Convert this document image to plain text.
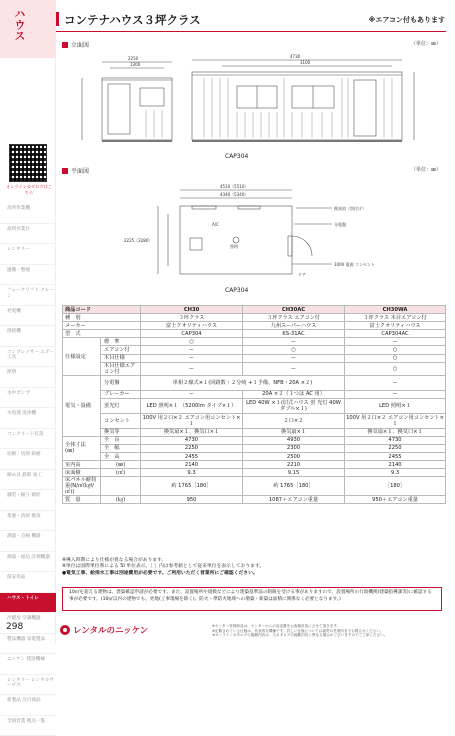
ハウス
オンラインカタログはこちら
高所作業機
高所作業台
レンタリー
運搬・整地
フォークリフト クレーン
発電機
溶接機
コンプレッサー エアー工具
照明
水中ポンプ
水処理 洗浄機
コンクリート打設
切断・切削 研磨
締め具 鉄筋 加工
舗装・掘り 破砕
集塵・清掃 換気
測量・点検 機器
測量・通信 計測機器
保安用品
ハウス・トイレ
冷暖房 空調機器
製品機器 家電製品
ニッケン 建設機械
レンタリー レンタルサービス
新製品 注目商品
全国営業 拠点一覧
298
コンテナハウス３坪クラス	※エアコン付もあります
立面図	（単位：㎜）
2250
1300
4730
3100
CAP304
平面図	（単位：㎜）
4510（5510）
4340（5340）
2225（3280）
換気扇（別付け）
分電盤
100V 電源 コンセント
A/C
照明
ドア
CAP304
商品コード		CH30	CH30AC	CH30WA
種　別		３坪クラス	３坪クラス エアコン付	３坪クラス 木目エアコン付
メーカー		富士クオリティハウス	九州スーパーハウス	富士クオリティハウス
型　式		CAP304	KS-31AC	CAP304AC
仕様設定	標　準	○	ー	ー
	エアコン付	ー	○	○
	木目仕様	ー	ー	○
	木目仕様エアコン付	ー	ー	○
電気・設備	分電盤	単相２線式×１(回路数・２分岐 +１予備、NFB・20A ×２)		ー
	ブレーカー	ー	20A ×２（１つは AC 用）	ー
	蛍光灯	LED 照明×１ （5200lm タイプ×１）	LED 40W ×１(旧式ハウス 蛍 光灯 40W ダブル×１)	LED 照明×１
	コンセント	100V 用２口×２ エアコン用コンセント×１	２口×２	100V 用２口×２ エアコン用コンセント×１
	換気等	換気扇×１、換気口×１	換気扇×１	換気扇×１、換気口×１
全体寸法
(㎜)	全　長	4730	4930	4730
	全　幅	2250	2300	2250
	全　高	2455	2500	2455
室内高	(㎜)	2140	2210	2140
床面積	(㎡)	9.3	9.15	9.3
床パネル耐荷重(N/㎡(㎏f/㎡))		約 1765［180］	約 1765［180］	［180］
質　量	(㎏)	950	1087＋エアコン重量	950＋エアコン重量
※導入時期により仕様が異なる場合があります。
※単位は国際単位系による SI 単位表示。［ ］内は参考値として従来単位を表示しております。
●電気工事、給排水工事は別途費用が必要です。ご利用いただく営業所にご確認ください。
10㎡を超える建物は、建築確認申請が必要です。また、設置場所や規模などにより建築基準法の制限を受ける事がありますので、設置場所の行政機関(建築指導課等)に確認する事が必要です。(10㎡以内の建物でも、更地(工事現場を除く)、防火・準防火地域への増築・新築は面積に関係なく必要となります。)
レンタルのニッケン	※センター管理商品は、センターからの直送費をお客様負担にさせて頂きます。
※記載されている仕様は、代表的な機種です。詳しい仕様については最寄の営業所までお問合せください。
※オンラインカタログの掲載内容は、当カタログの掲載内容と異なる場合がございますのでご了承ください。
